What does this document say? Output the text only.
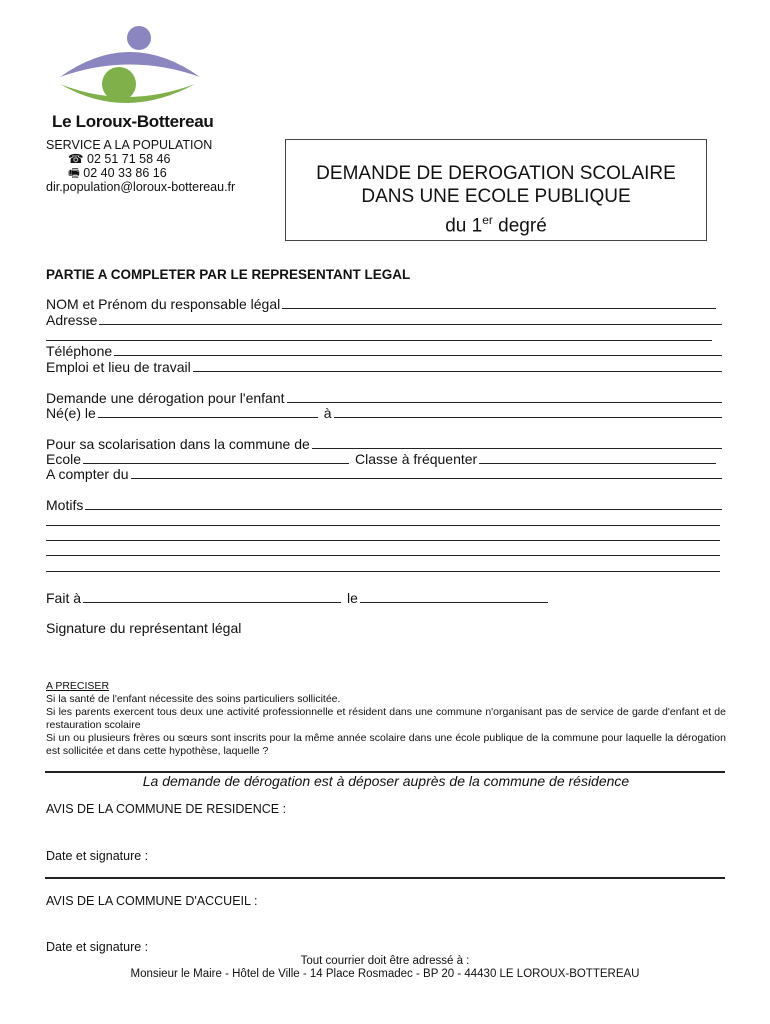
Le Loroux-Bottereau
SERVICE A LA POPULATION
☎ 02 51 71 58 46
🖷 02 40 33 86 16
dir.population@loroux-bottereau.fr
DEMANDE DE DEROGATION SCOLAIRE
DANS UNE ECOLE PUBLIQUE
du 1er degré
PARTIE A COMPLETER PAR LE REPRESENTANT LEGAL
NOM et Prénom du responsable légal
Adresse
Téléphone
Emploi et lieu de travail
Demande une dérogation pour l'enfant
Né(e) le	à
Pour sa scolarisation dans la commune de
Ecole	Classe à fréquenter
A compter du
Motifs
Fait à	le
Signature du représentant légal
A PRECISER
Si la santé de l'enfant nécessite des soins particuliers sollicitée.
Si les parents exercent tous deux une activité professionnelle et résident dans une commune n'organisant pas de service de garde d'enfant et de restauration scolaire
Si un ou plusieurs frères ou sœurs sont inscrits pour la même année scolaire dans une école publique de la commune pour laquelle la dérogation est sollicitée et dans cette hypothèse, laquelle ?
La demande de dérogation est à déposer auprès de la commune de résidence
AVIS DE LA COMMUNE DE RESIDENCE :
Date et signature :
AVIS DE LA COMMUNE D'ACCUEIL :
Date et signature :
Tout courrier doit être adressé à :
Monsieur le Maire - Hôtel de Ville - 14 Place Rosmadec - BP 20 - 44430 LE LOROUX-BOTTEREAU
